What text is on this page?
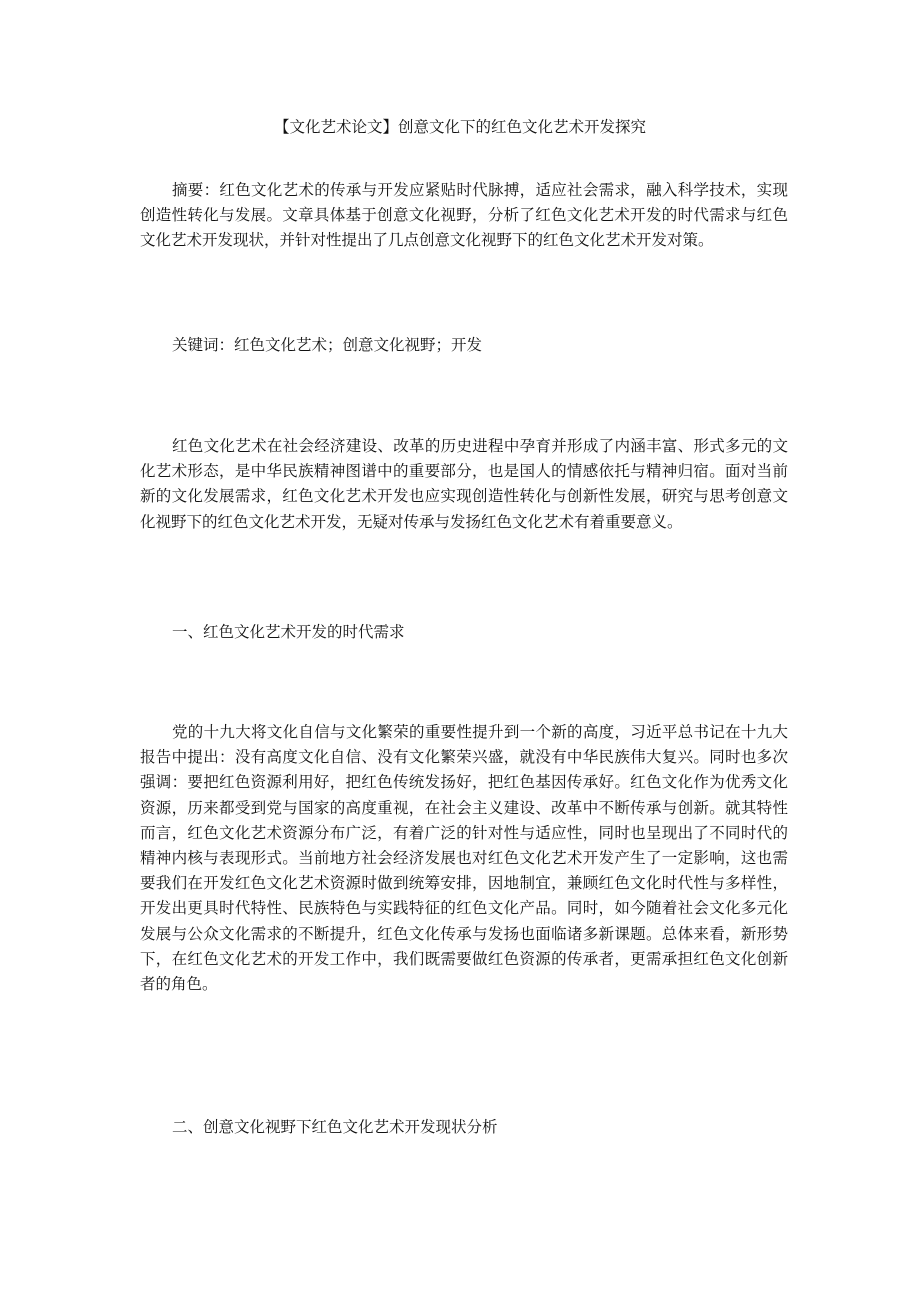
【文化艺术论文】创意文化下的红色文化艺术开发探究

摘要：红色文化艺术的传承与开发应紧贴时代脉搏，适应社会需求，融入科学技术，实现创造性转化与发展。文章具体基于创意文化视野，分析了红色文化艺术开发的时代需求与红色文化艺术开发现状，并针对性提出了几点创意文化视野下的红色文化艺术开发对策。

关键词：红色文化艺术；创意文化视野；开发

红色文化艺术在社会经济建设、改革的历史进程中孕育并形成了内涵丰富、形式多元的文化艺术形态，是中华民族精神图谱中的重要部分，也是国人的情感依托与精神归宿。面对当前新的文化发展需求，红色文化艺术开发也应实现创造性转化与创新性发展，研究与思考创意文化视野下的红色文化艺术开发，无疑对传承与发扬红色文化艺术有着重要意义。

一、红色文化艺术开发的时代需求

党的十九大将文化自信与文化繁荣的重要性提升到一个新的高度，习近平总书记在十九大报告中提出：没有高度文化自信、没有文化繁荣兴盛，就没有中华民族伟大复兴。同时也多次强调：要把红色资源利用好，把红色传统发扬好，把红色基因传承好。红色文化作为优秀文化资源，历来都受到党与国家的高度重视，在社会主义建设、改革中不断传承与创新。就其特性而言，红色文化艺术资源分布广泛，有着广泛的针对性与适应性，同时也呈现出了不同时代的精神内核与表现形式。当前地方社会经济发展也对红色文化艺术开发产生了一定影响，这也需要我们在开发红色文化艺术资源时做到统筹安排，因地制宜，兼顾红色文化时代性与多样性，开发出更具时代特性、民族特色与实践特征的红色文化产品。同时，如今随着社会文化多元化发展与公众文化需求的不断提升，红色文化传承与发扬也面临诸多新课题。总体来看，新形势下，在红色文化艺术的开发工作中，我们既需要做红色资源的传承者，更需承担红色文化创新者的角色。

二、创意文化视野下红色文化艺术开发现状分析
